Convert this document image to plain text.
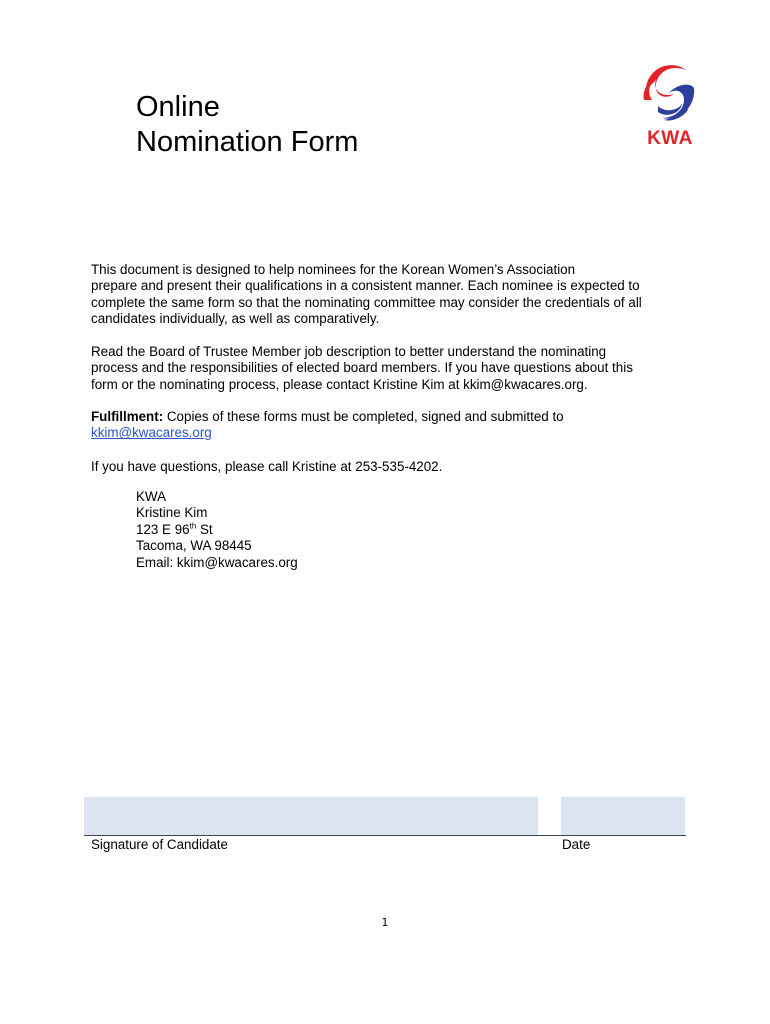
Online
Nomination Form	KWA
This document is designed to help nominees for the Korean Women’s Association
prepare and present their qualifications in a consistent manner. Each nominee is expected to
complete the same form so that the nominating committee may consider the credentials of all
candidates individually, as well as comparatively.
Read the Board of Trustee Member job description to better understand the nominating
process and the responsibilities of elected board members. If you have questions about this
form or the nominating process, please contact Kristine Kim at kkim@kwacares.org.
Fulfillment: Copies of these forms must be completed, signed and submitted to
kkim@kwacares.org
If you have questions, please call Kristine at 253-535-4202.
KWA
Kristine Kim
123 E 96th St
Tacoma, WA 98445
Email: kkim@kwacares.org
Signature of Candidate	Date
1
